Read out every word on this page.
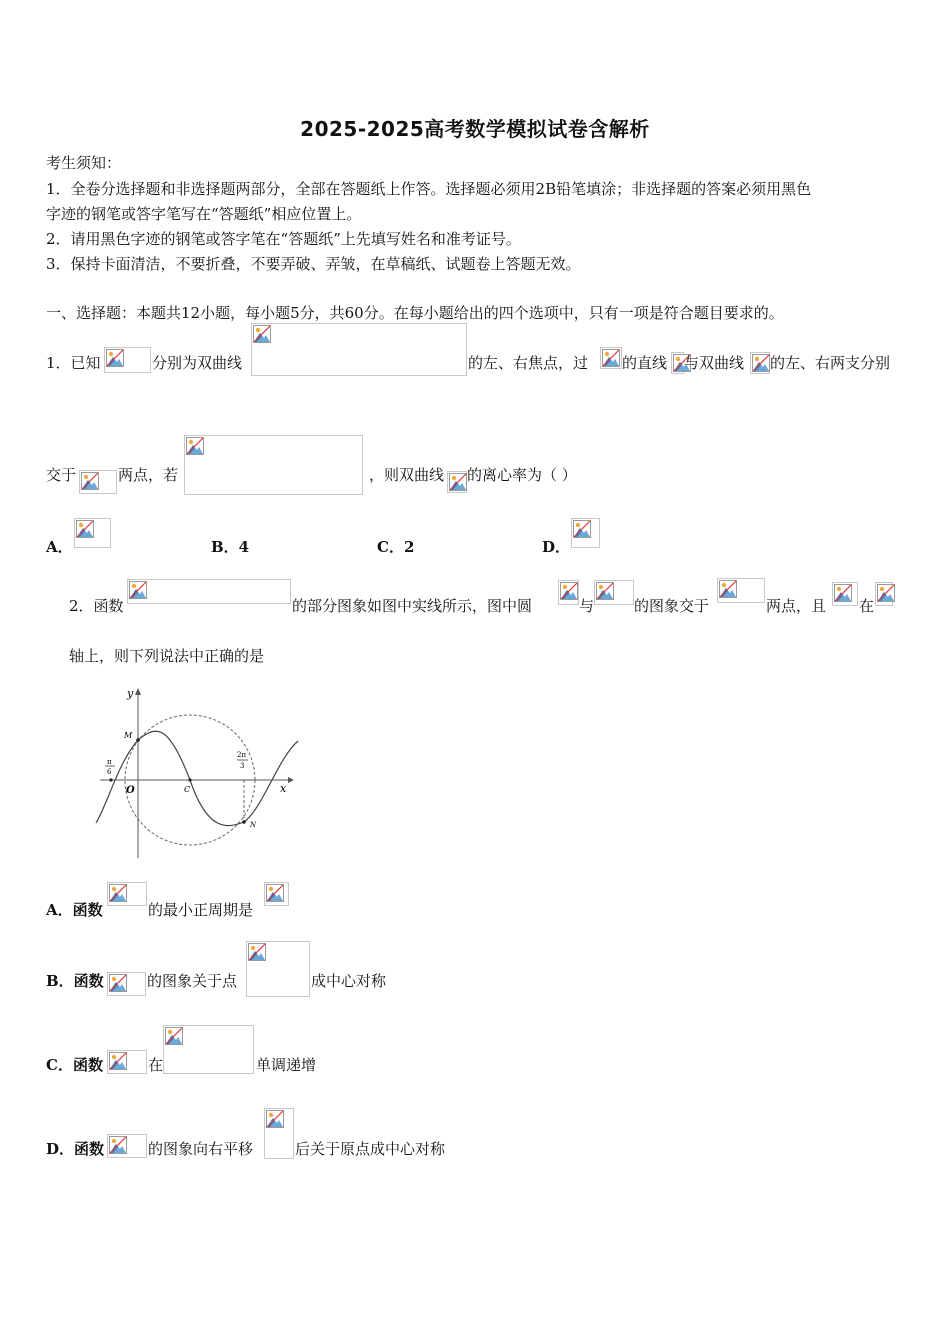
2025-2025高考数学模拟试卷含解析
考生须知：
1．全卷分选择题和非选择题两部分，全部在答题纸上作答。选择题必须用2B铅笔填涂；非选择题的答案必须用黑色
字迹的钢笔或答字笔写在“答题纸”相应位置上。
2．请用黑色字迹的钢笔或答字笔在“答题纸”上先填写姓名和准考证号。
3．保持卡面清洁，不要折叠，不要弄破、弄皱，在草稿纸、试题卷上答题无效。
一、选择题：本题共12小题，每小题5分，共60分。在每小题给出的四个选项中，只有一项是符合题目要求的。
1．已知	分别为双曲线	的左、右焦点，过 的直线 与双曲线 的左、右两支分别
交于	两点，若	，则双曲线 的离心率为（ ）
A．	B．4	C．2	D．
2．函数	的部分图象如图中实线所示，图中圆	与	的图象交于	两点，且 在
轴上，则下列说法中正确的是
y
x
M
O	C
N
π
6
2π
3
A．函数	的最小正周期是
B．函数	的图象关于点	成中心对称
C．函数	在	单调递增
D．函数	的图象向右平移	后关于原点成中心对称
